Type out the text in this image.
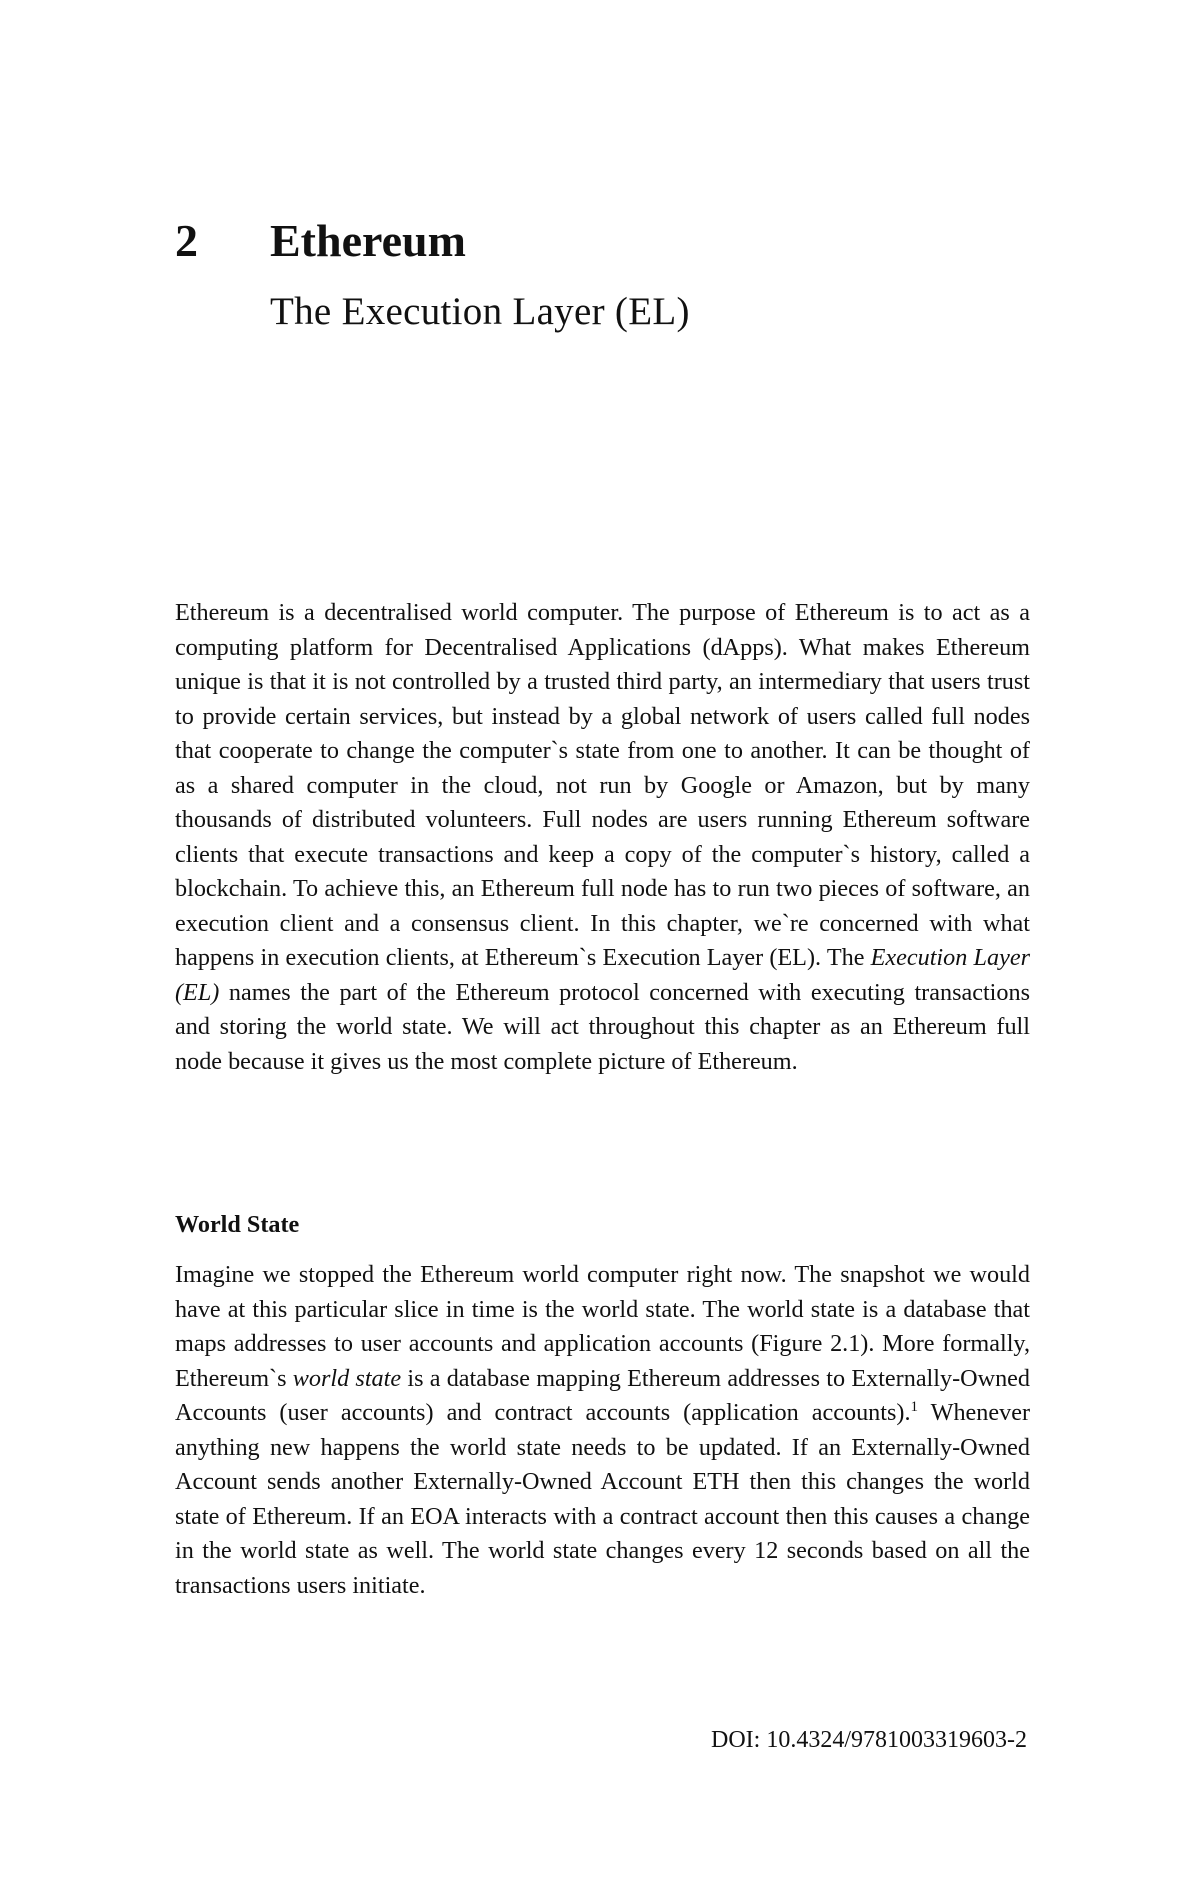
2 Ethereum
The Execution Layer (EL)

Ethereum is a decentralised world computer. The purpose of Ethereum is to act as a computing platform for Decentralised Applications (dApps). What makes Ethereum unique is that it is not controlled by a trusted third party, an intermediary that users trust to provide certain services, but instead by a global network of users called full nodes that cooperate to change the computer`s state from one to another. It can be thought of as a shared computer in the cloud, not run by Google or Amazon, but by many thousands of distributed volunteers. Full nodes are users running Ethereum software clients that execute transactions and keep a copy of the computer`s history, called a blockchain. To achieve this, an Ethereum full node has to run two pieces of software, an execution client and a consensus client. In this chapter, we`re concerned with what happens in execution clients, at Ethereum`s Execution Layer (EL). The Execution Layer (EL) names the part of the Ethereum protocol concerned with executing transactions and storing the world state. We will act throughout this chapter as an Ethereum full node because it gives us the most complete picture of Ethereum.

World State

Imagine we stopped the Ethereum world computer right now. The snapshot we would have at this particular slice in time is the world state. The world state is a database that maps addresses to user accounts and application accounts (Figure 2.1). More formally, Ethereum`s world state is a database mapping Ethereum addresses to Externally-Owned Accounts (user accounts) and contract accounts (application accounts).$^1$ Whenever anything new happens the world state needs to be updated. If an Externally-Owned Account sends another Externally-Owned Account ETH then this changes the world state of Ethereum. If an EOA interacts with a contract account then this causes a change in the world state as well. The world state changes every 12 seconds based on all the transactions users initiate.

DOI: 10.4324/9781003319603-2
